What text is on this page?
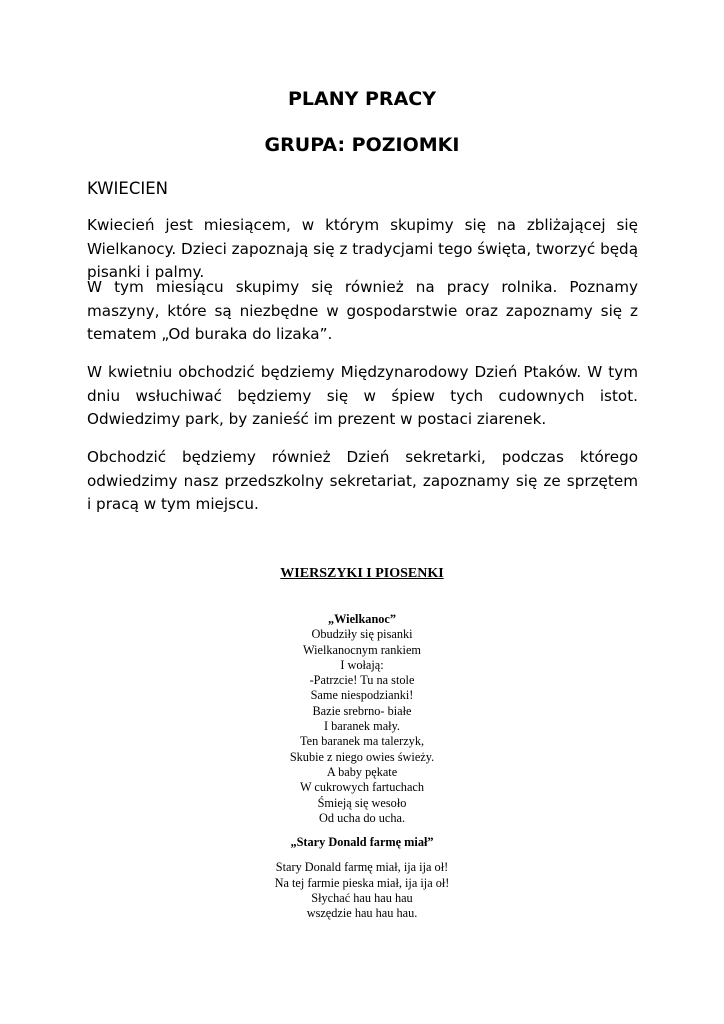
PLANY PRACY
GRUPA: POZIOMKI
KWIECIEN
Kwiecień jest miesiącem, w którym skupimy się na zbliżającej się Wielkanocy. Dzieci zapoznają się z tradycjami tego święta, tworzyć będą pisanki i palmy.
W tym miesiącu skupimy się również na pracy rolnika. Poznamy maszyny, które są niezbędne w gospodarstwie oraz zapoznamy się z tematem „Od buraka do lizaka”.
W kwietniu obchodzić będziemy Międzynarodowy Dzień Ptaków. W tym dniu wsłuchiwać będziemy się w śpiew tych cudownych istot. Odwiedzimy park, by zanieść im prezent w postaci ziarenek.
Obchodzić będziemy również Dzień sekretarki, podczas którego odwiedzimy nasz przedszkolny sekretariat, zapoznamy się ze sprzętem i pracą w tym miejscu.
WIERSZYKI I PIOSENKI
„Wielkanoc”
Obudziły się pisanki
Wielkanocnym rankiem
I wołają:
-Patrzcie! Tu na stole
Same niespodzianki!
Bazie srebrno- białe
I baranek mały.
Ten baranek ma talerzyk,
Skubie z niego owies świeży.
A baby pękate
W cukrowych fartuchach
Śmieją się wesoło
Od ucha do ucha.
„Stary Donald farmę miał”
Stary Donald farmę miał, ija ija oł!
Na tej farmie pieska miał, ija ija oł!
Słychać hau hau hau
wszędzie hau hau hau.
